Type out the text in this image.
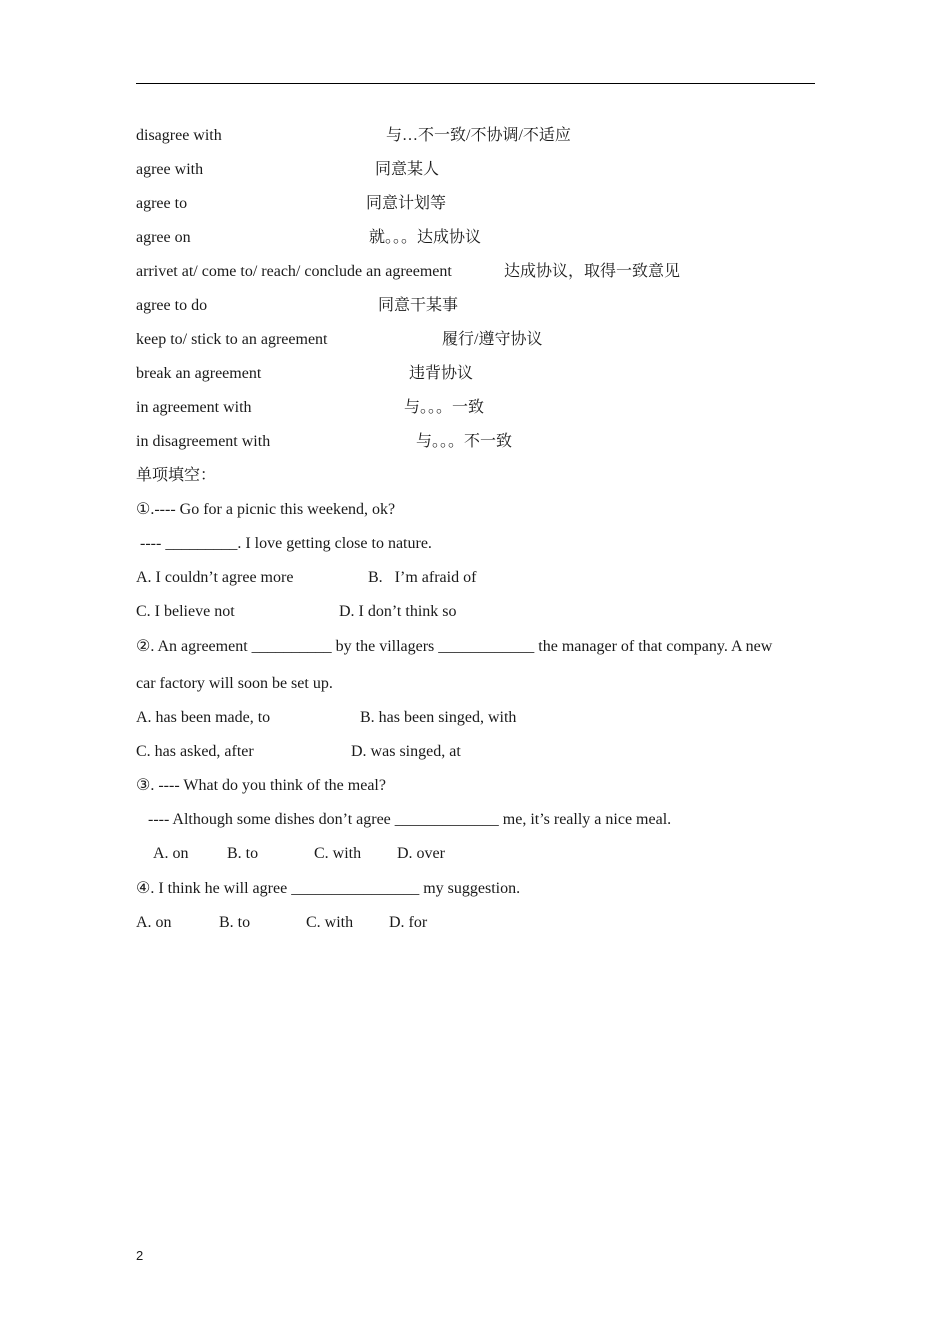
disagree with

	与…不一致/不协调/不适应

agree with

	同意某人

agree to

	同意计划等

agree on

	就。。。达成协议

arrivet at/ come to/ reach/ conclude an agreement

	达成协议，取得一致意见

agree to do

	同意干某事

keep to/ stick to an agreement

	履行/遵守协议

break an agreement

	违背协议

in agreement with

	与。。。一致

in disagreement with

	与。。。不一致

单项填空：
①.---- Go for a picnic this weekend, ok?
---- _________. I love getting close to nature.

A. I couldn’t agree more

	B.   I’m afraid of

C. I believe not

	D. I don’t think so

②. An agreement __________ by the villagers ____________ the manager of that company. A new
car factory will soon be set up.

A. has been made, to

	B. has been singed, with

C. has asked, after

	D. was singed, at

③. ---- What do you think of the meal?
---- Although some dishes don’t agree _____________ me, it’s really a nice meal.

A. on

B. to

	C. with

D. over

④. I think he will agree ________________ my suggestion.

A. on

	B. to

	C. with

D. for

2
